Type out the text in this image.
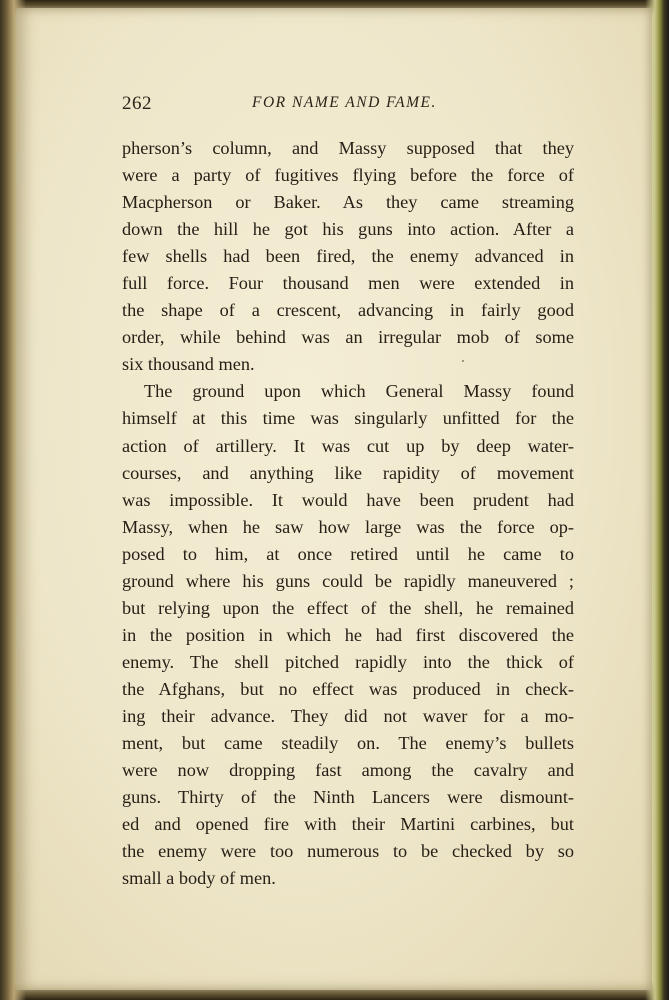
262	FOR NAME AND FAME.
pherson’s column, and Massy supposed that they
were a party of fugitives flying before the force of
Macpherson or Baker. As they came streaming
down the hill he got his guns into action. After a
few shells had been fired, the enemy advanced in
full force. Four thousand men were extended in
the shape of a crescent, advancing in fairly good
order, while behind was an irregular mob of some
six thousand men.
The ground upon which General Massy found
himself at this time was singularly unfitted for the
action of artillery. It was cut up by deep water-
courses, and anything like rapidity of movement
was impossible. It would have been prudent had
Massy, when he saw how large was the force op-
posed to him, at once retired until he came to
ground where his guns could be rapidly maneuvered ;
but relying upon the effect of the shell, he remained
in the position in which he had first discovered the
enemy. The shell pitched rapidly into the thick of
the Afghans, but no effect was produced in check-
ing their advance. They did not waver for a mo-
ment, but came steadily on. The enemy’s bullets
were now dropping fast among the cavalry and
guns. Thirty of the Ninth Lancers were dismount-
ed and opened fire with their Martini carbines, but
the enemy were too numerous to be checked by so
small a body of men.
